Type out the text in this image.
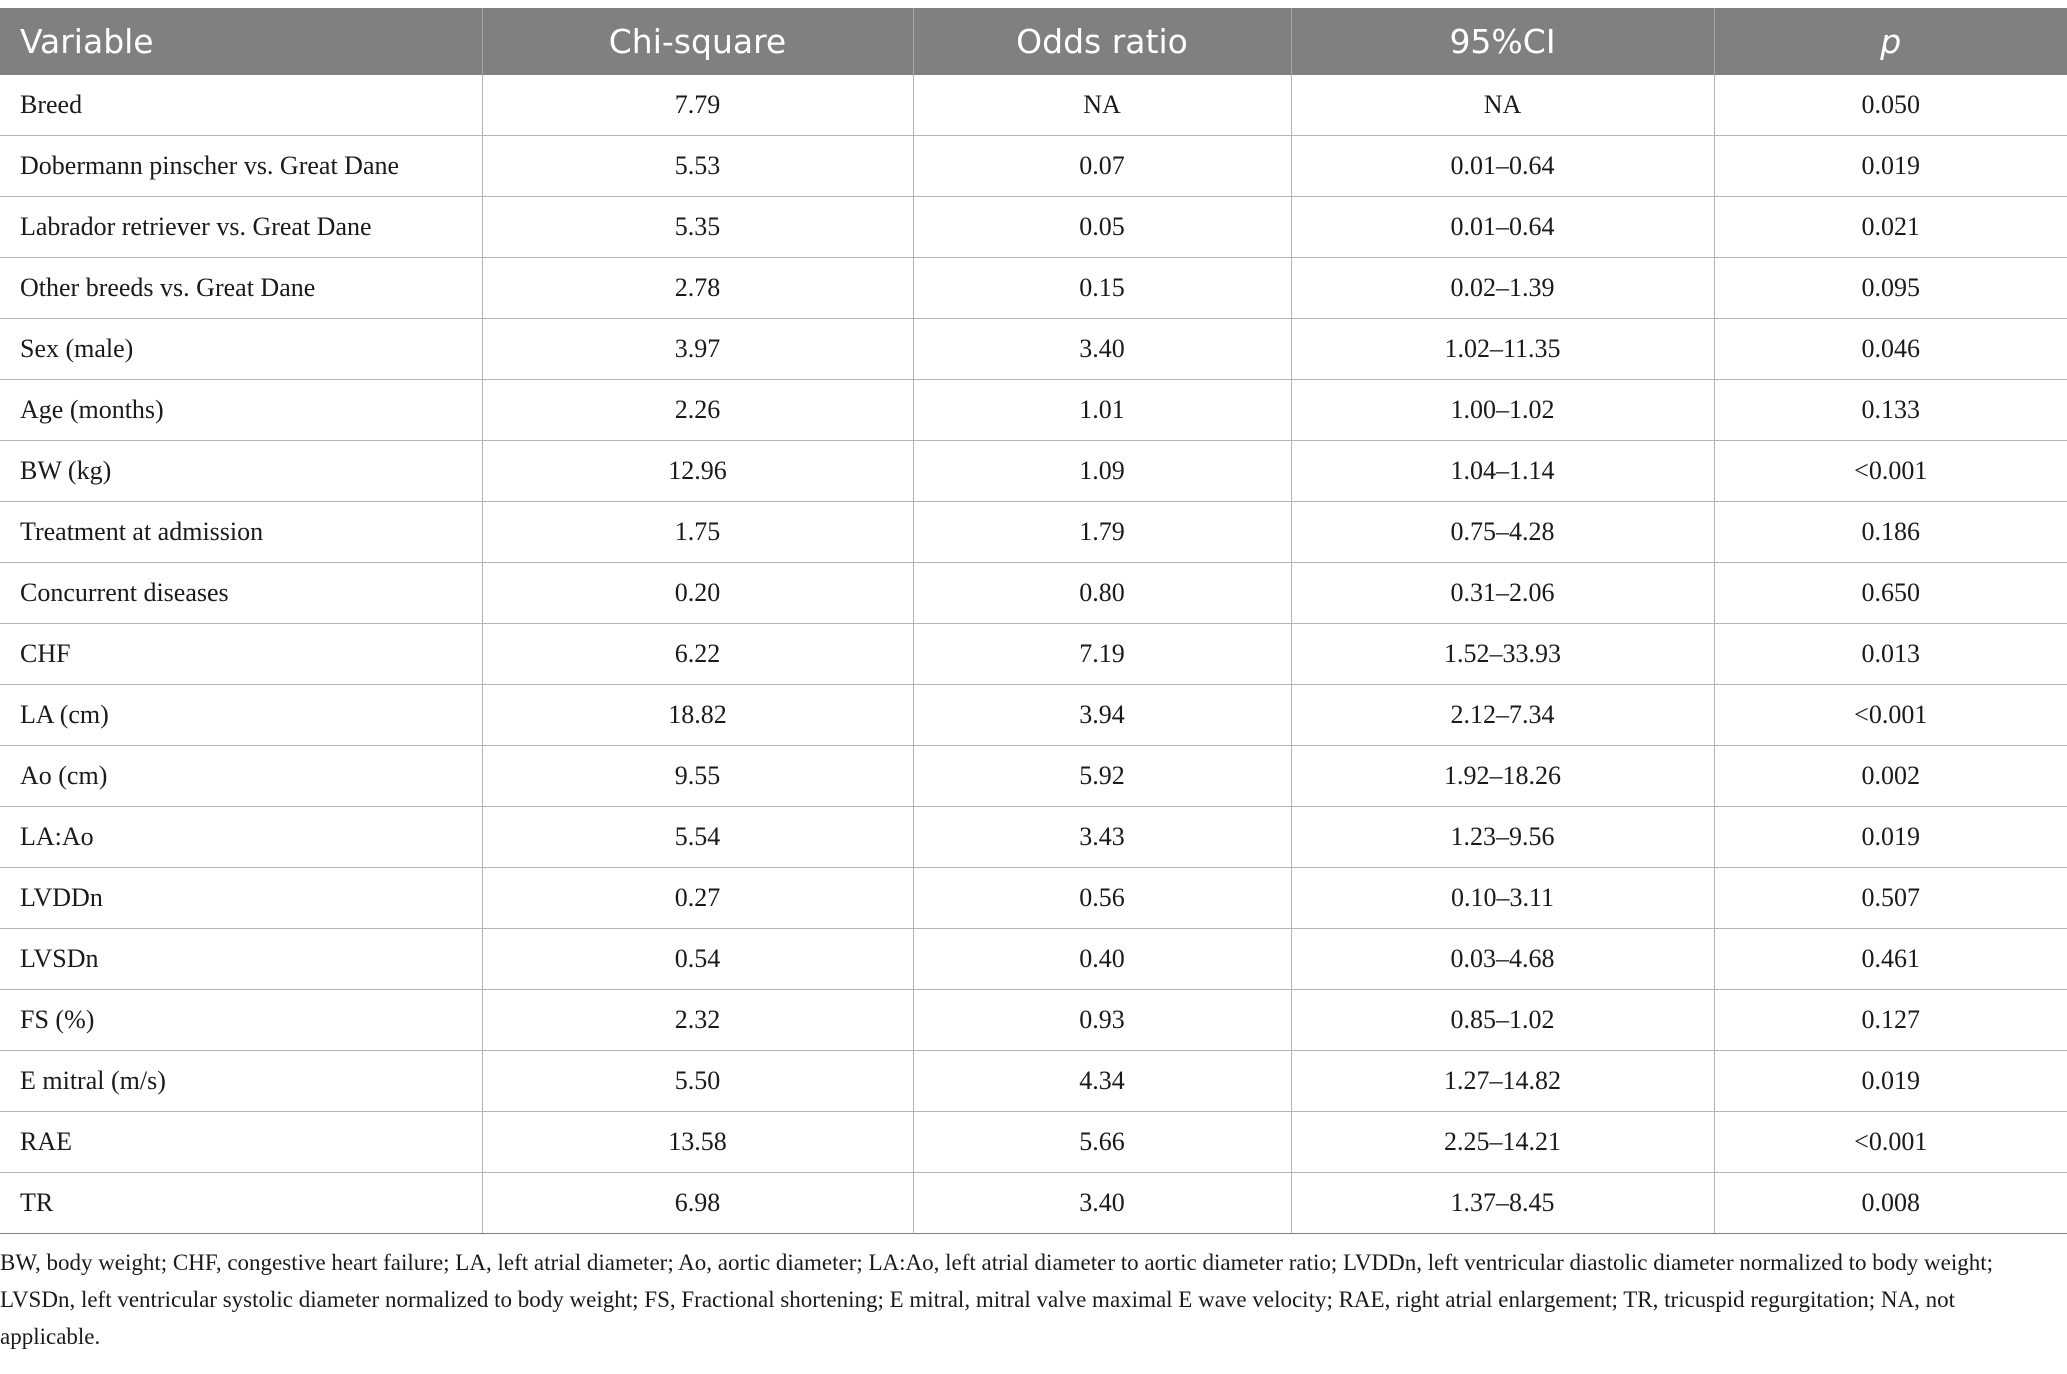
Variable	Chi-square	Odds ratio	95%CI	p
Breed	7.79	NA	NA	0.050
Dobermann pinscher vs. Great Dane	5.53	0.07	0.01–0.64	0.019
Labrador retriever vs. Great Dane	5.35	0.05	0.01–0.64	0.021
Other breeds vs. Great Dane	2.78	0.15	0.02–1.39	0.095
Sex (male)	3.97	3.40	1.02–11.35	0.046
Age (months)	2.26	1.01	1.00–1.02	0.133
BW (kg)	12.96	1.09	1.04–1.14	<0.001
Treatment at admission	1.75	1.79	0.75–4.28	0.186
Concurrent diseases	0.20	0.80	0.31–2.06	0.650
CHF	6.22	7.19	1.52–33.93	0.013
LA (cm)	18.82	3.94	2.12–7.34	<0.001
Ao (cm)	9.55	5.92	1.92–18.26	0.002
LA:Ao	5.54	3.43	1.23–9.56	0.019
LVDDn	0.27	0.56	0.10–3.11	0.507
LVSDn	0.54	0.40	0.03–4.68	0.461
FS (%)	2.32	0.93	0.85–1.02	0.127
E mitral (m/s)	5.50	4.34	1.27–14.82	0.019
RAE	13.58	5.66	2.25–14.21	<0.001
TR	6.98	3.40	1.37–8.45	0.008
BW, body weight; CHF, congestive heart failure; LA, left atrial diameter; Ao, aortic diameter; LA:Ao, left atrial diameter to aortic diameter ratio; LVDDn, left ventricular diastolic diameter normalized to body weight; LVSDn, left ventricular systolic diameter normalized to body weight; FS, Fractional shortening; E mitral, mitral valve maximal E wave velocity; RAE, right atrial enlargement; TR, tricuspid regurgitation; NA, not applicable.
